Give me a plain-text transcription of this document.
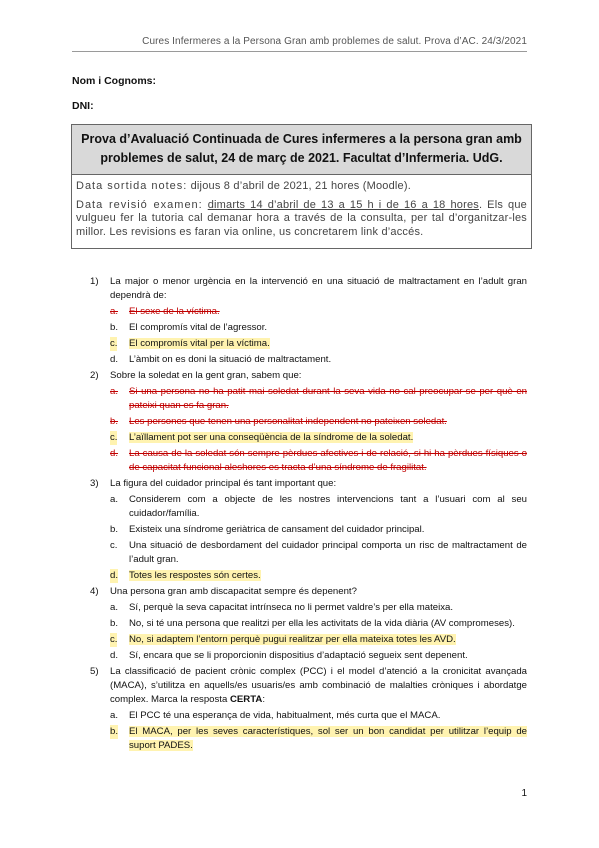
Cures Infermeres a la Persona Gran amb problemes de salut. Prova d’AC. 24/3/2021
Nom i Cognoms:
DNI:
Prova d’Avaluació Continuada de Cures infermeres a la persona gran amb problemes de salut, 24 de març de 2021. Facultat d’Infermeria. UdG.

Data sortida notes: dijous 8 d’abril de 2021, 21 hores (Moodle).

Data revisió examen: dimarts 14 d’abril de 13 a 15 h i de 16 a 18 hores. Els que vulgueu fer la tutoria cal demanar hora a través de la consulta, per tal d’organitzar-les millor. Les revisions es faran via online, us concretarem link d’accés.

1) La major o menor urgència en la intervenció en una situació de maltractament en l’adult gran dependrà de:
a. El sexe de la víctima.
b. El compromís vital de l’agressor.
c. El compromís vital per la víctima.
d. L’àmbit on es doni la situació de maltractament.
2) Sobre la soledat en la gent gran, sabem que:
a. Si una persona no ha patit mai soledat durant la seva vida no cal preocupar-se per què en pateixi quan es fa gran.
b. Les persones que tenen una personalitat independent no pateixen soledat.
c. L’aïllament pot ser una conseqüència de la síndrome de la soledat.
d. La causa de la soledat són sempre pèrdues afectives i de relació, si hi ha pèrdues físiques o de capacitat funcional aleshores es tracta d’una síndrome de fragilitat.
3) La figura del cuidador principal és tant important que:
a. Considerem com a objecte de les nostres intervencions tant a l’usuari com al seu cuidador/família.
b. Existeix una síndrome geriàtrica de cansament del cuidador principal.
c. Una situació de desbordament del cuidador principal comporta un risc de maltractament de l’adult gran.
d. Totes les respostes són certes.
4) Una persona gran amb discapacitat sempre és depenent?
a. Sí, perquè la seva capacitat intrínseca no li permet valdre’s per ella mateixa.
b. No, si té una persona que realitzi per ella les activitats de la vida diària (AV compromeses).
c. No, si adaptem l’entorn perquè pugui realitzar per ella mateixa totes les AVD.
d. Sí, encara que se li proporcionin dispositius d’adaptació segueix sent depenent.
5) La classificació de pacient crònic complex (PCC) i el model d’atenció a la cronicitat avançada (MACA), s’utilitza en aquells/es usuaris/es amb combinació de malalties cròniques i abordatge complex. Marca la resposta CERTA:
a. El PCC té una esperança de vida, habitualment, més curta que el MACA.
b. El MACA, per les seves característiques, sol ser un bon candidat per utilitzar l’equip de suport PADES.
1
